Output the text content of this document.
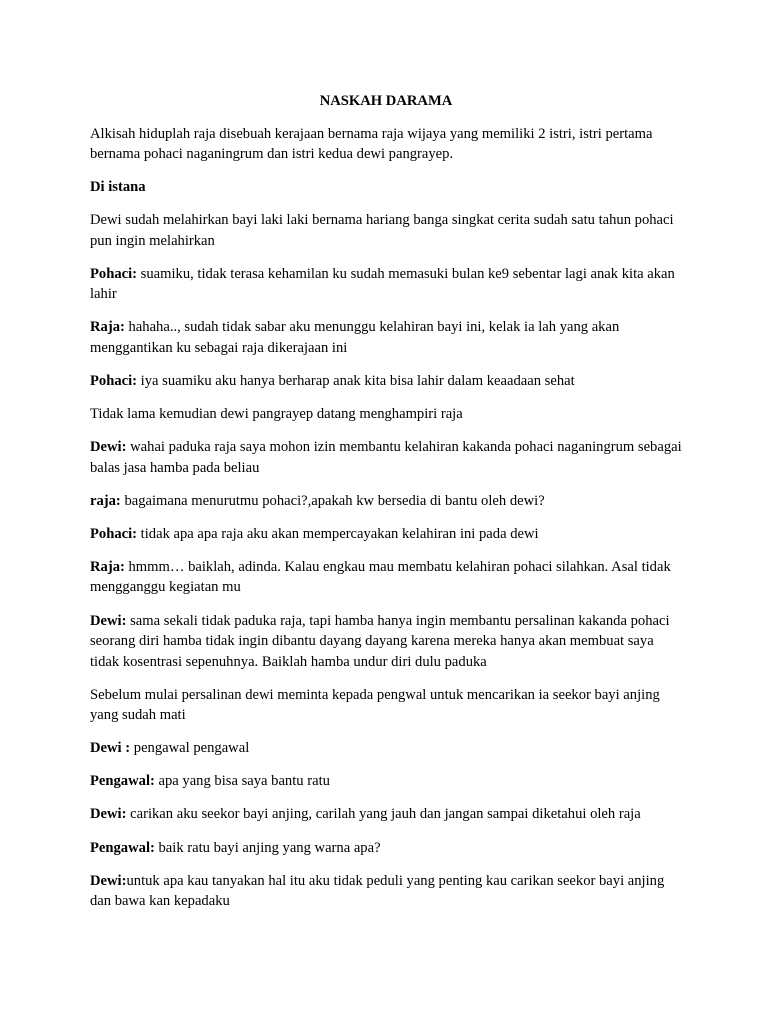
NASKAH DARAMA

Alkisah hiduplah raja disebuah kerajaan bernama raja wijaya yang memiliki 2 istri, istri pertama bernama pohaci naganingrum dan istri kedua dewi pangrayep.

Di istana

Dewi sudah melahirkan bayi laki laki bernama hariang banga singkat cerita sudah satu tahun pohaci pun ingin melahirkan

Pohaci: suamiku, tidak terasa kehamilan ku sudah memasuki bulan ke9 sebentar lagi anak kita akan lahir

Raja: hahaha.., sudah tidak sabar aku menunggu kelahiran bayi ini, kelak ia lah yang akan menggantikan ku sebagai raja dikerajaan ini

Pohaci: iya suamiku aku hanya berharap anak kita bisa lahir dalam keaadaan sehat

Tidak lama kemudian dewi pangrayep datang menghampiri raja

Dewi: wahai paduka raja saya mohon izin membantu kelahiran kakanda pohaci naganingrum sebagai balas jasa hamba pada beliau

raja: bagaimana menurutmu pohaci?,apakah kw bersedia di bantu oleh dewi?

Pohaci: tidak apa apa raja aku akan mempercayakan kelahiran ini pada dewi

Raja: hmmm… baiklah, adinda. Kalau engkau mau membatu kelahiran pohaci silahkan. Asal tidak mengganggu kegiatan mu

Dewi: sama sekali tidak paduka raja, tapi hamba hanya ingin membantu persalinan kakanda pohaci seorang diri hamba tidak ingin dibantu dayang dayang karena mereka hanya akan membuat saya tidak kosentrasi sepenuhnya. Baiklah hamba undur diri dulu paduka

Sebelum mulai persalinan dewi meminta kepada pengwal untuk mencarikan ia seekor bayi anjing yang sudah mati

Dewi : pengawal pengawal

Pengawal: apa yang bisa saya bantu ratu

Dewi: carikan aku seekor bayi anjing, carilah yang jauh dan jangan sampai diketahui oleh raja

Pengawal: baik ratu bayi anjing yang warna apa?

Dewi:untuk apa kau tanyakan hal itu aku tidak peduli yang penting kau carikan seekor bayi anjing dan bawa kan kepadaku
